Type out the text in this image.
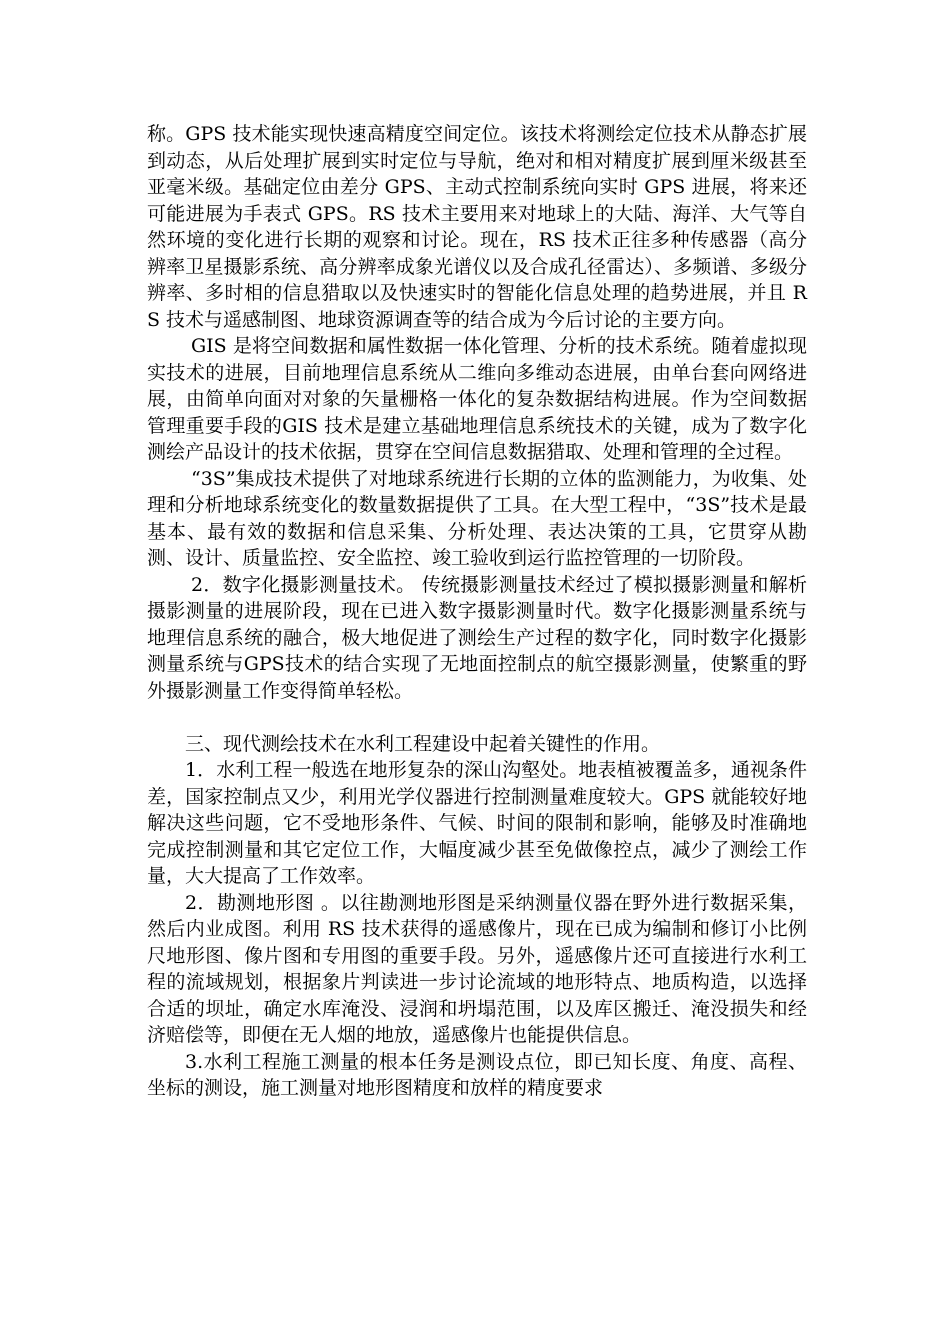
称。GPS 技术能实现快速高精度空间定位。该技术将测绘定位技术从静态扩展到动态，从后处理扩展到实时定位与导航，绝对和相对精度扩展到厘米级甚至亚毫米级。基础定位由差分 GPS、主动式控制系统向实时 GPS 进展，将来还可能进展为手表式 GPS。RS 技术主要用来对地球上的大陆、海洋、大气等自然环境的变化进行长期的观察和讨论。现在，RS 技术正往多种传感器（高分辨率卫星摄影系统、高分辨率成象光谱仪以及合成孔径雷达）、多频谱、多级分辨率、多时相的信息猎取以及快速实时的智能化信息处理的趋势进展，并且 RS 技术与遥感制图、地球资源调查等的结合成为今后讨论的主要方向。

GIS 是将空间数据和属性数据一体化管理、分析的技术系统。随着虚拟现实技术的进展，目前地理信息系统从二维向多维动态进展，由单台套向网络进展，由简单向面对对象的矢量栅格一体化的复杂数据结构进展。作为空间数据管理重要手段的GIS 技术是建立基础地理信息系统技术的关键，成为了数字化测绘产品设计的技术依据，贯穿在空间信息数据猎取、处理和管理的全过程。

“3S”集成技术提供了对地球系统进行长期的立体的监测能力，为收集、处理和分析地球系统变化的数量数据提供了工具。在大型工程中，“3S”技术是最基本、最有效的数据和信息采集、分析处理、表达决策的工具，它贯穿从勘测、设计、质量监控、安全监控、竣工验收到运行监控管理的一切阶段。

2．数字化摄影测量技术。 传统摄影测量技术经过了模拟摄影测量和解析摄影测量的进展阶段，现在已进入数字摄影测量时代。数字化摄影测量系统与地理信息系统的融合，极大地促进了测绘生产过程的数字化，同时数字化摄影测量系统与GPS技术的结合实现了无地面控制点的航空摄影测量，使繁重的野外摄影测量工作变得简单轻松。

三、现代测绘技术在水利工程建设中起着关键性的作用。

1．水利工程一般选在地形复杂的深山沟壑处。地表植被覆盖多，通视条件差，国家控制点又少，利用光学仪器进行控制测量难度较大。GPS 就能较好地解决这些问题，它不受地形条件、气候、时间的限制和影响，能够及时准确地完成控制测量和其它定位工作，大幅度减少甚至免做像控点，减少了测绘工作量，大大提高了工作效率。

2．勘测地形图 。以往勘测地形图是采纳测量仪器在野外进行数据采集，然后内业成图。利用 RS 技术获得的遥感像片，现在已成为编制和修订小比例尺地形图、像片图和专用图的重要手段。另外，遥感像片还可直接进行水利工程的流域规划，根据象片判读进一步讨论流域的地形特点、地质构造，以选择合适的坝址，确定水库淹没、浸润和坍塌范围，以及库区搬迁、淹没损失和经济赔偿等，即便在无人烟的地放，遥感像片也能提供信息。

3.水利工程施工测量的根本任务是测设点位，即已知长度、角度、高程、坐标的测设，施工测量对地形图精度和放样的精度要求
